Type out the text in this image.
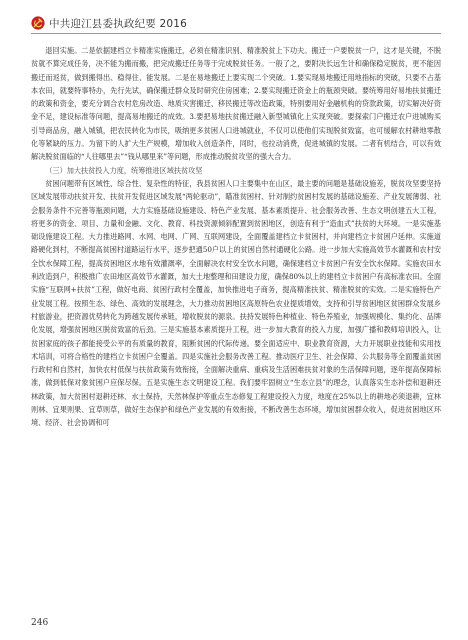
中共迎江县委执政纪要 2016

退回实施。二是依据建档立卡精准实施搬迁，必须在精准识别、精准脱贫上下功夫。搬迁一户要脱贫一户，这才是关键，不脱贫就不算完成任务，决不能为搬而搬，把完成搬迁任务等于完成脱贫任务。一般了之，要附决长远生计和确保稳定脱贫，更不能因搬迁而返贫，做到搬得出、稳得住、能发展。二是在易地搬迁上要实现二个突破。1.要实现易地搬迁用地指标的突破，只要不占基本农田，就要特事特办，先行先试，确保搬迁群众及时研究住房困难；2.要实现搬迁资金上的瓶颈突破。要统筹用好易地扶贫搬迁的政策和资金，要充分调合农村危房改造、地质灾害搬迁、移民搬迁等改造政策，特别要用好金融机构的贷款政策，切实解决好资金不足，建设标准等问题，提高易地搬迁的成效。3.要把易地扶贫搬迁融入新型城镇化上实现突破。要探索门户搬迁农户进城购买引导商品房，融入城镇，把农民转化为市民，吸纳更多贫困人口进城就业，不仅可以使他们实现脱贫致富，也可缓解农村耕地零散化等紧缺的压力。为留下的人扩大生产规模，增加收入创造条件，同时，也拉动消费，促进城镇的发展。二者有机结合，可以有效解决脱贫面临的“人往哪里去”“钱从哪里来”等问题，形成推动脱贫攻坚的强大合力。

（三）加大扶贫投入力度，统筹推进区域扶贫攻坚

贫困问题带有区域性、综合性、复杂性的特征，我县贫困人口主要集中在山区，最主要的问题是基础设施差，脱贫攻坚要坚持区域发展带动扶贫开发、扶贫开发促进区域发展“两轮驱动”，瞄准贫困村、针对制约贫困村发展的基础设施差、产业发展薄弱、社会服务条件不完善等瓶颈问题，大力实施基础设施建设、特色产业发展、基本素质提升、社会服务改善、生态文明创建五大工程，将更多的资金、项目、力量和金融、文化、教育、科技资源倾斜配置到贫困地区，创造有利于“造血式”扶贫的大环境。一是实施基础设施建设工程。大力推进路网、水网、电网、广网、互联网建设，全面覆盖建档立卡贫困村，并向建档立卡贫困户延伸。实施道路硬化到村，不断提高贫困村道路运行水平，逐步把通50户以上的贫困自然村通硬化公路。进一步加大实施高效节水灌溉和农村安全饮水保障工程，提高贫困地区水地有效灌溉率，全面解决农村安全饮水问题，确保建档立卡贫困户有安全饮水保障。实施农田水利改造到户，积极推广农田地区高效节水灌溉，加大土地整理和田建设力度，确保80%以上的建档立卡贫困户有高标准农田。全面实施“互联网+扶贫”工程，做好电商、贫困行政村全覆盖，加快推进电子商务，提高精准扶贫、精准脱贫的实效。二是实施特色产业发展工程。按照生态、绿色、高效的发展理念，大力推动贫困地区高原特色农业提质增效，支持和引导贫困地区贫困群众发展乡村旅游业，把资源优势转化为跨越发展传承链，增收脱贫的源泉。扶持发展特色种植业、特色养殖业，加强规模化、集约化、品牌化发展，增强贫困地区脱贫致富的后劲。三是实施基本素质提升工程，进一步加大教育的投入力度，加强广播和教师培训投入，让贫困家庭的孩子都能接受公平的有质量的教育，阻断贫困的代际传递。要全面适应中、职业教育资源，大力开展职业技能和实用技术培训，可将合格性的建档立卡贫困户全覆盖。四是实施社会服务改善工程。推动医疗卫生、社会保障、公共服务等全面覆盖贫困行政村和自然村，加快农村低保与扶贫政策有效衔接，全面解决重病、重病及生活困难扶贫对象的生活保障问题，逐年提高保障标准，做到低保对象贫困户应保尽保。五是实施生态文明建设工程。我们要牢固树立“生态立县”的理念，认真落实生态补偿和退耕还林政策，加大贫困村退耕还林、水土保持，天然林保护等重点生态修复工程建设投入力度，地度在25%以上的耕地必须退耕，宜林则林、宜果则果、宜草则草，做好生态保护和绿色产业发展的有效衔接，不断改善生态环境，增加贫困群众收入，促进贫困地区环境、经济、社会协调和可

246
